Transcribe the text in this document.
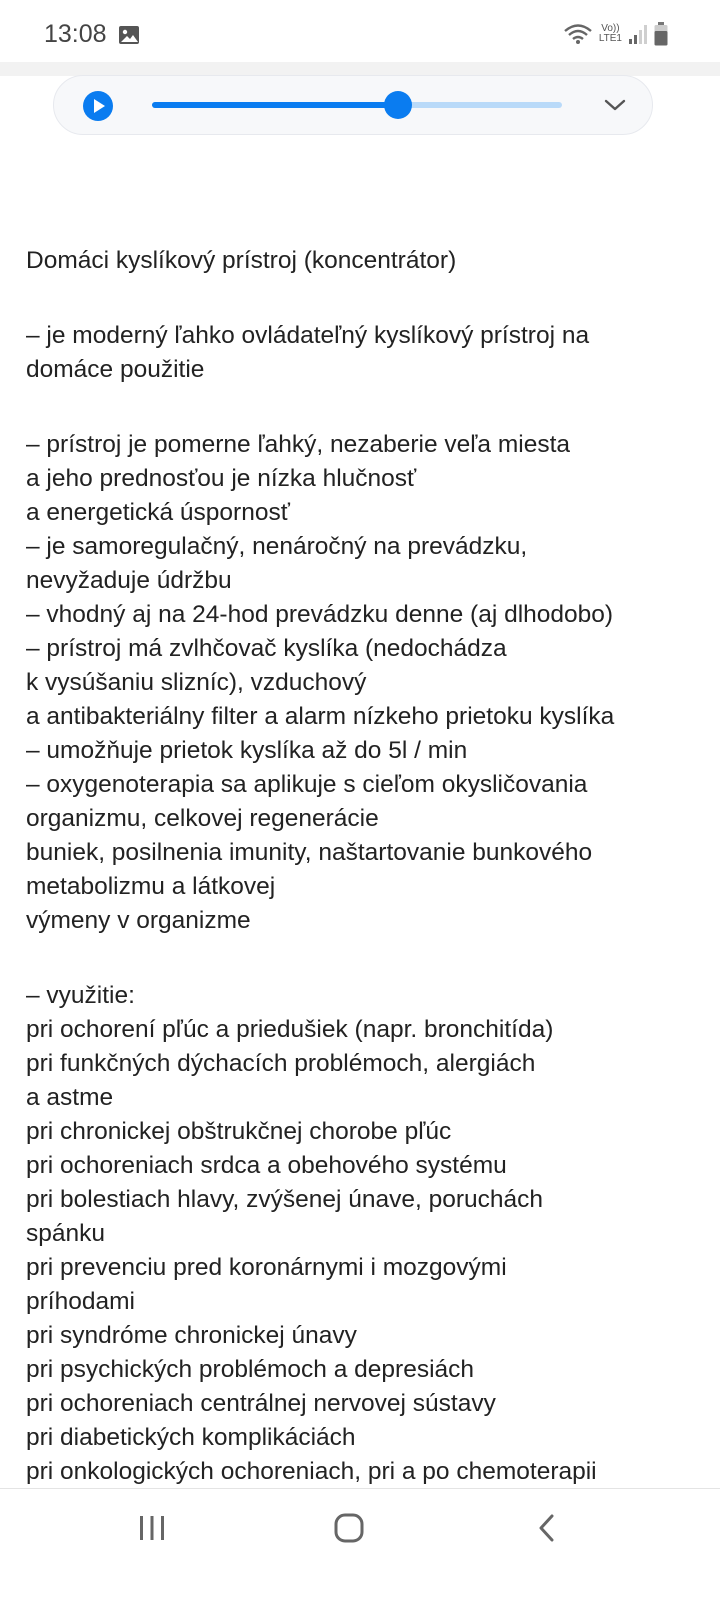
13:08	Vo))
LTE1
Domáci kyslíkový prístroj (koncentrátor)
– je moderný ľahko ovládateľný kyslíkový prístroj na
domáce použitie
– prístroj je pomerne ľahký, nezaberie veľa miesta
a jeho prednosťou je nízka hlučnosť
a energetická úspornosť
– je samoregulačný, nenáročný na prevádzku,
nevyžaduje údržbu
– vhodný aj na 24-hod prevádzku denne (aj dlhodobo)
– prístroj má zvlhčovač kyslíka (nedochádza
k vysúšaniu slizníc), vzduchový
a antibakteriálny filter a alarm nízkeho prietoku kyslíka
– umožňuje prietok kyslíka až do 5l / min
– oxygenoterapia sa aplikuje s cieľom okysličovania
organizmu, celkovej regenerácie
buniek, posilnenia imunity, naštartovanie bunkového
metabolizmu a látkovej
výmeny v organizme
– využitie:
pri ochorení pľúc a priedušiek (napr. bronchitída)
pri funkčných dýchacích problémoch, alergiách
a astme
pri chronickej obštrukčnej chorobe pľúc
pri ochoreniach srdca a obehového systému
pri bolestiach hlavy, zvýšenej únave, poruchách
spánku
pri prevenciu pred koronárnymi i mozgovými
príhodami
pri syndróme chronickej únavy
pri psychických problémoch a depresiách
pri ochoreniach centrálnej nervovej sústavy
pri diabetických komplikáciách
pri onkologických ochoreniach, pri a po chemoterapii
